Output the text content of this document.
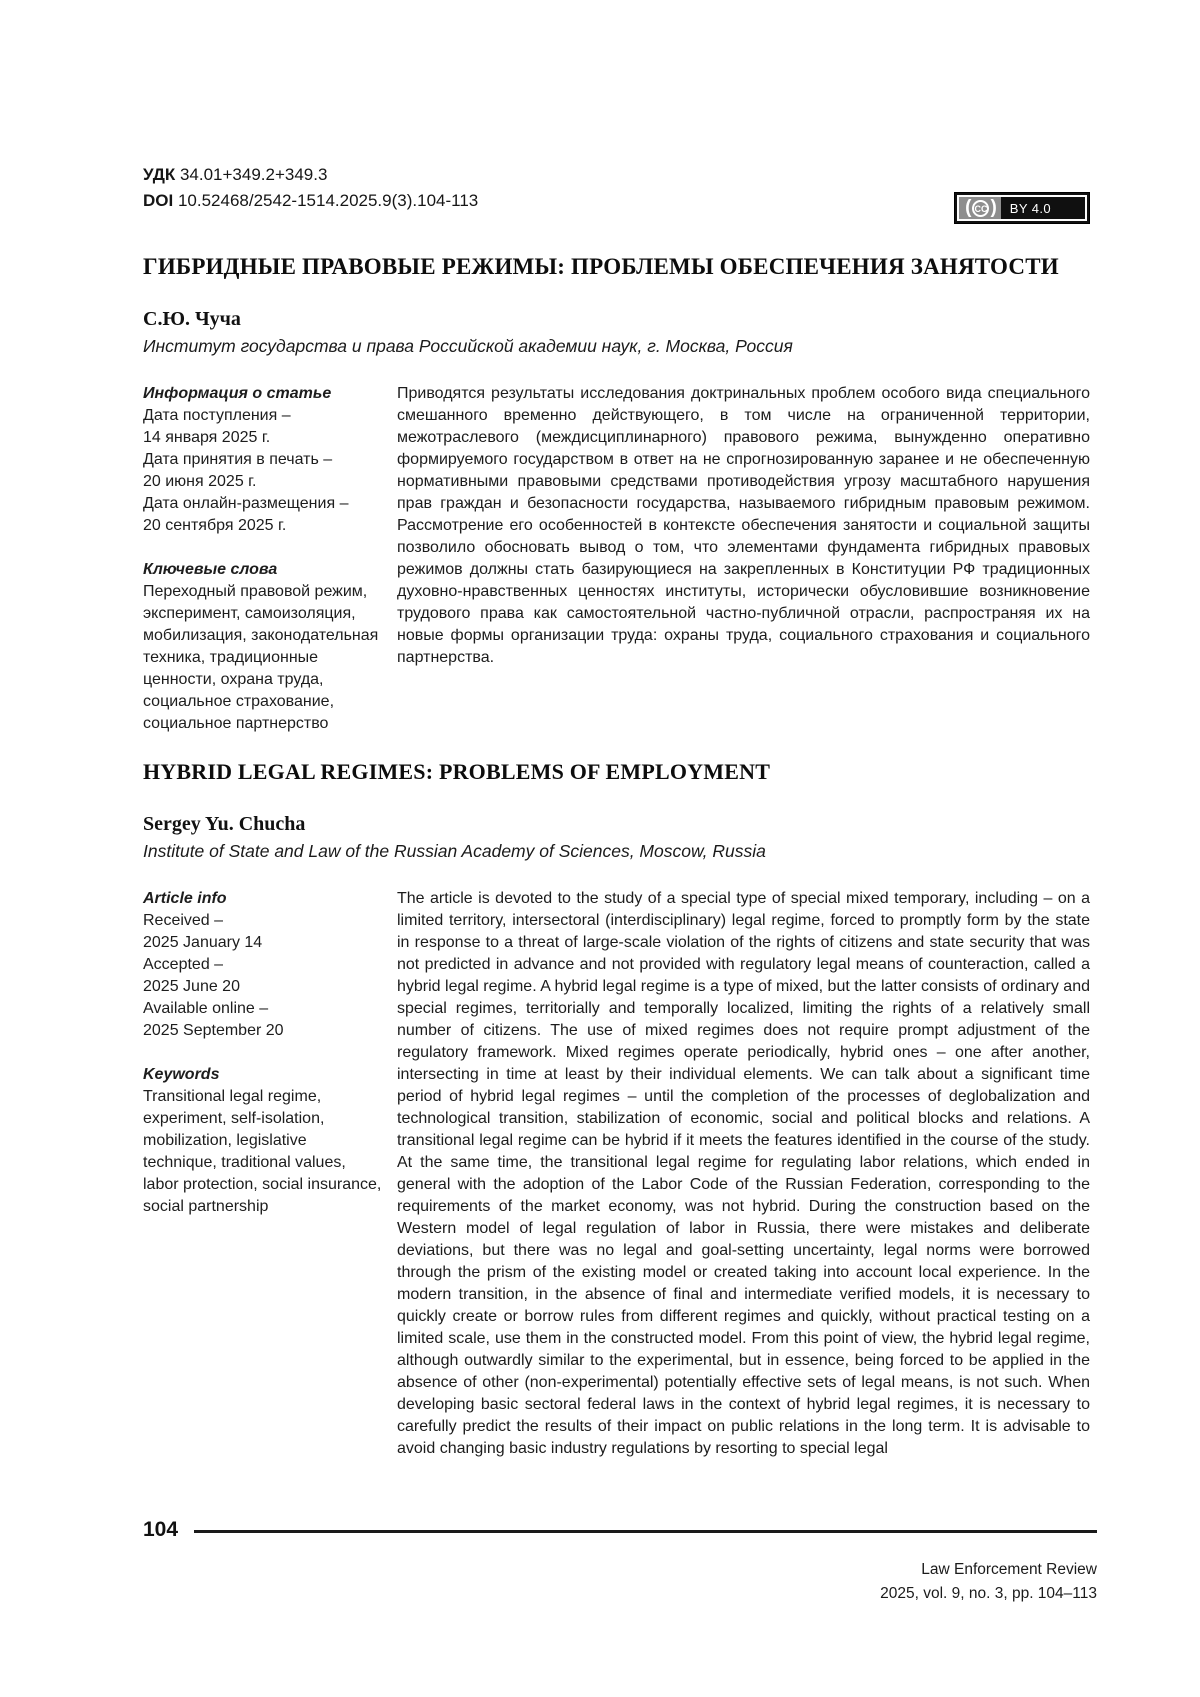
УДК 34.01+349.2+349.3
DOI 10.52468/2542-1514.2025.9(3).104-113	( CC )	BY 4.0
ГИБРИДНЫЕ ПРАВОВЫЕ РЕЖИМЫ: ПРОБЛЕМЫ ОБЕСПЕЧЕНИЯ ЗАНЯТОСТИ
С.Ю. Чуча
Институт государства и права Российской академии наук, г. Москва, Россия
Информация о статье
Дата поступления –
14 января 2025 г.
Дата принятия в печать –
20 июня 2025 г.
Дата онлайн-размещения –
20 сентября 2025 г.
Ключевые слова
Переходный правовой режим, эксперимент, самоизоляция, мобилизация, законодательная техника, традиционные ценности, охрана труда, социальное страхование, социальное партнерство
Приводятся результаты исследования доктринальных проблем особого вида специального смешанного временно действующего, в том числе на ограниченной территории, межотраслевого (междисциплинарного) правового режима, вынужденно оперативно формируемого государством в ответ на не спрогнозированную заранее и не обеспеченную нормативными правовыми средствами противодействия угрозу масштабного нарушения прав граждан и безопасности государства, называемого гибридным правовым режимом. Рассмотрение его особенностей в контексте обеспечения занятости и социальной защиты позволило обосновать вывод о том, что элементами фундамента гибридных правовых режимов должны стать базирующиеся на закрепленных в Конституции РФ традиционных духовно-нравственных ценностях институты, исторически обусловившие возникновение трудового права как самостоятельной частно-публичной отрасли, распространяя их на новые формы организации труда: охраны труда, социального страхования и социального партнерства.
HYBRID LEGAL REGIMES: PROBLEMS OF EMPLOYMENT
Sergey Yu. Chucha
Institute of State and Law of the Russian Academy of Sciences, Moscow, Russia
Article info
Received –
2025 January 14
Accepted –
2025 June 20
Available online –
2025 September 20
Keywords
Transitional legal regime, experiment, self-isolation, mobilization, legislative technique, traditional values, labor protection, social insurance, social partnership
The article is devoted to the study of a special type of special mixed temporary, including – on a limited territory, intersectoral (interdisciplinary) legal regime, forced to promptly form by the state in response to a threat of large-scale violation of the rights of citizens and state security that was not predicted in advance and not provided with regulatory legal means of counteraction, called a hybrid legal regime. A hybrid legal regime is a type of mixed, but the latter consists of ordinary and special regimes, territorially and temporally localized, limiting the rights of a relatively small number of citizens. The use of mixed regimes does not require prompt adjustment of the regulatory framework. Mixed regimes operate periodically, hybrid ones – one after another, intersecting in time at least by their individual elements. We can talk about a significant time period of hybrid legal regimes – until the completion of the processes of deglobalization and technological transition, stabilization of economic, social and political blocks and relations. A transitional legal regime can be hybrid if it meets the features identified in the course of the study. At the same time, the transitional legal regime for regulating labor relations, which ended in general with the adoption of the Labor Code of the Russian Federation, corresponding to the requirements of the market economy, was not hybrid. During the construction based on the Western model of legal regulation of labor in Russia, there were mistakes and deliberate deviations, but there was no legal and goal-setting uncertainty, legal norms were borrowed through the prism of the existing model or created taking into account local experience. In the modern transition, in the absence of final and intermediate verified models, it is necessary to quickly create or borrow rules from different regimes and quickly, without practical testing on a limited scale, use them in the constructed model. From this point of view, the hybrid legal regime, although outwardly similar to the experimental, but in essence, being forced to be applied in the absence of other (non-experimental) potentially effective sets of legal means, is not such. When developing basic sectoral federal laws in the context of hybrid legal regimes, it is necessary to carefully predict the results of their impact on public relations in the long term. It is advisable to avoid changing basic industry regulations by resorting to special legal
104
Law Enforcement Review
2025, vol. 9, no. 3, pp. 104–113
